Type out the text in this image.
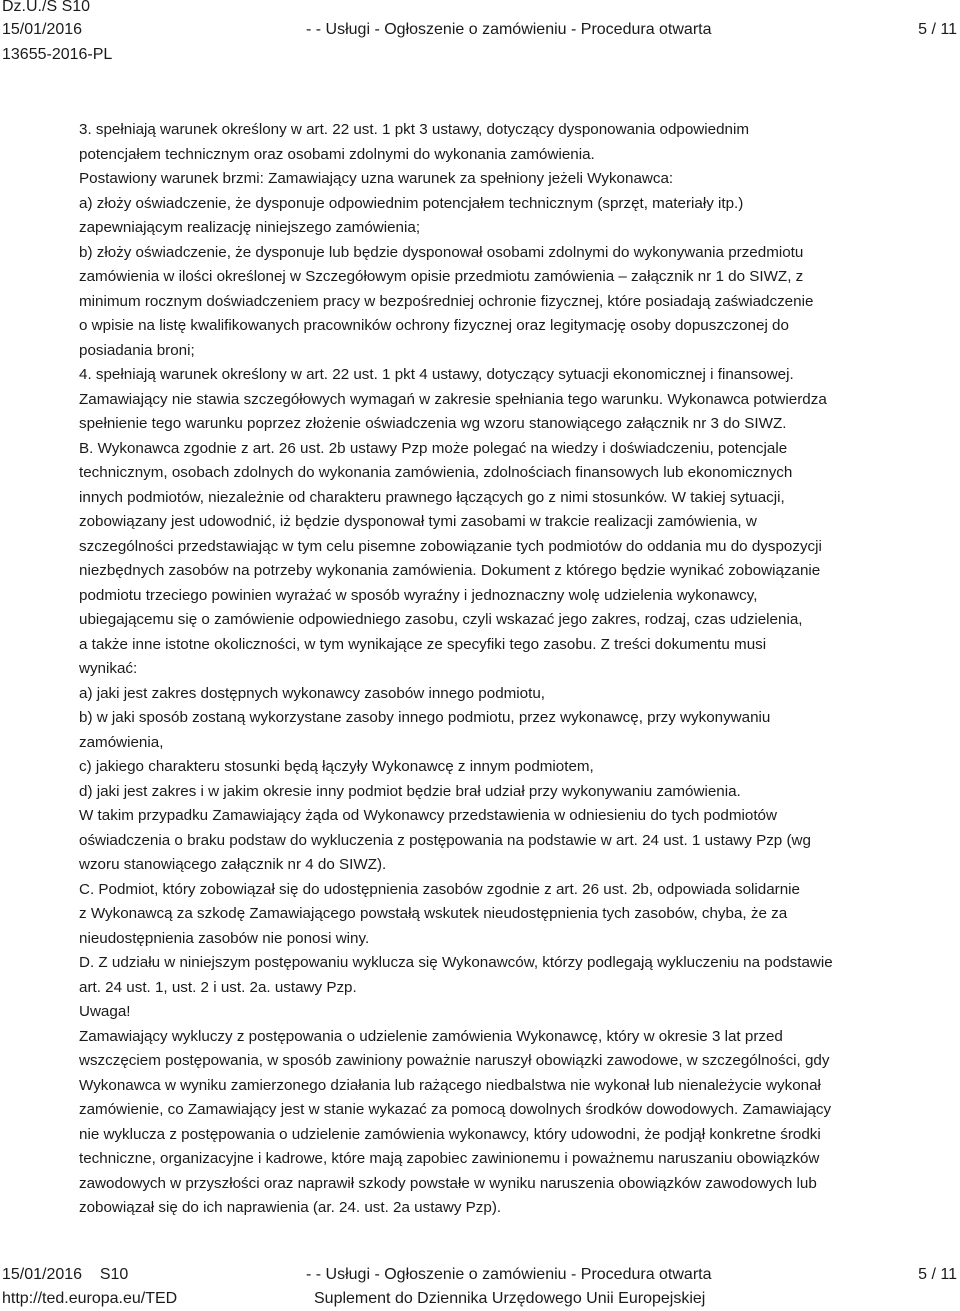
Dz.U./S S10
15/01/2016	- - Usługi - Ogłoszenie o zamówieniu - Procedura otwarta	5 / 11
13655-2016-PL

3. spełniają warunek określony w art. 22 ust. 1 pkt 3 ustawy, dotyczący dysponowania odpowiednim

potencjałem technicznym oraz osobami zdolnymi do wykonania zamówienia.

Postawiony warunek brzmi: Zamawiający uzna warunek za spełniony jeżeli Wykonawca:

a) złoży oświadczenie, że dysponuje odpowiednim potencjałem technicznym (sprzęt, materiały itp.)

zapewniającym realizację niniejszego zamówienia;

b) złoży oświadczenie, że dysponuje lub będzie dysponował osobami zdolnymi do wykonywania przedmiotu

zamówienia w ilości określonej w Szczegółowym opisie przedmiotu zamówienia – załącznik nr 1 do SIWZ, z

minimum rocznym doświadczeniem pracy w bezpośredniej ochronie fizycznej, które posiadają zaświadczenie

o wpisie na listę kwalifikowanych pracowników ochrony fizycznej oraz legitymację osoby dopuszczonej do

posiadania broni;

4. spełniają warunek określony w art. 22 ust. 1 pkt 4 ustawy, dotyczący sytuacji ekonomicznej i finansowej.

Zamawiający nie stawia szczegółowych wymagań w zakresie spełniania tego warunku. Wykonawca potwierdza

spełnienie tego warunku poprzez złożenie oświadczenia wg wzoru stanowiącego załącznik nr 3 do SIWZ.

B. Wykonawca zgodnie z art. 26 ust. 2b ustawy Pzp może polegać na wiedzy i doświadczeniu, potencjale

technicznym, osobach zdolnych do wykonania zamówienia, zdolnościach finansowych lub ekonomicznych

innych podmiotów, niezależnie od charakteru prawnego łączących go z nimi stosunków. W takiej sytuacji,

zobowiązany jest udowodnić, iż będzie dysponował tymi zasobami w trakcie realizacji zamówienia, w

szczególności przedstawiając w tym celu pisemne zobowiązanie tych podmiotów do oddania mu do dyspozycji

niezbędnych zasobów na potrzeby wykonania zamówienia. Dokument z którego będzie wynikać zobowiązanie

podmiotu trzeciego powinien wyrażać w sposób wyraźny i jednoznaczny wolę udzielenia wykonawcy,

ubiegającemu się o zamówienie odpowiedniego zasobu, czyli wskazać jego zakres, rodzaj, czas udzielenia,

a także inne istotne okoliczności, w tym wynikające ze specyfiki tego zasobu. Z treści dokumentu musi

wynikać:

a) jaki jest zakres dostępnych wykonawcy zasobów innego podmiotu,

b) w jaki sposób zostaną wykorzystane zasoby innego podmiotu, przez wykonawcę, przy wykonywaniu

zamówienia,

c) jakiego charakteru stosunki będą łączyły Wykonawcę z innym podmiotem,

d) jaki jest zakres i w jakim okresie inny podmiot będzie brał udział przy wykonywaniu zamówienia.

W takim przypadku Zamawiający żąda od Wykonawcy przedstawienia w odniesieniu do tych podmiotów

oświadczenia o braku podstaw do wykluczenia z postępowania na podstawie w art. 24 ust. 1 ustawy Pzp (wg

wzoru stanowiącego załącznik nr 4 do SIWZ).

C. Podmiot, który zobowiązał się do udostępnienia zasobów zgodnie z art. 26 ust. 2b, odpowiada solidarnie

z Wykonawcą za szkodę Zamawiającego powstałą wskutek nieudostępnienia tych zasobów, chyba, że za

nieudostępnienia zasobów nie ponosi winy.

D. Z udziału w niniejszym postępowaniu wyklucza się Wykonawców, którzy podlegają wykluczeniu na podstawie

art. 24 ust. 1, ust. 2 i ust. 2a. ustawy Pzp.

Uwaga!

Zamawiający wykluczy z postępowania o udzielenie zamówienia Wykonawcę, który w okresie 3 lat przed

wszczęciem postępowania, w sposób zawiniony poważnie naruszył obowiązki zawodowe, w szczególności, gdy

Wykonawca w wyniku zamierzonego działania lub rażącego niedbalstwa nie wykonał lub nienależycie wykonał

zamówienie, co Zamawiający jest w stanie wykazać za pomocą dowolnych środków dowodowych. Zamawiający

nie wyklucza z postępowania o udzielenie zamówienia wykonawcy, który udowodni, że podjął konkretne środki

techniczne, organizacyjne i kadrowe, które mają zapobiec zawinionemu i poważnemu naruszaniu obowiązków

zawodowych w przyszłości oraz naprawił szkody powstałe w wyniku naruszenia obowiązków zawodowych lub

zobowiązał się do ich naprawienia (ar. 24. ust. 2a ustawy Pzp).

15/01/2016    S10	- - Usługi - Ogłoszenie o zamówieniu - Procedura otwarta	5 / 11
http://ted.europa.eu/TED	Suplement do Dziennika Urzędowego Unii Europejskiej
